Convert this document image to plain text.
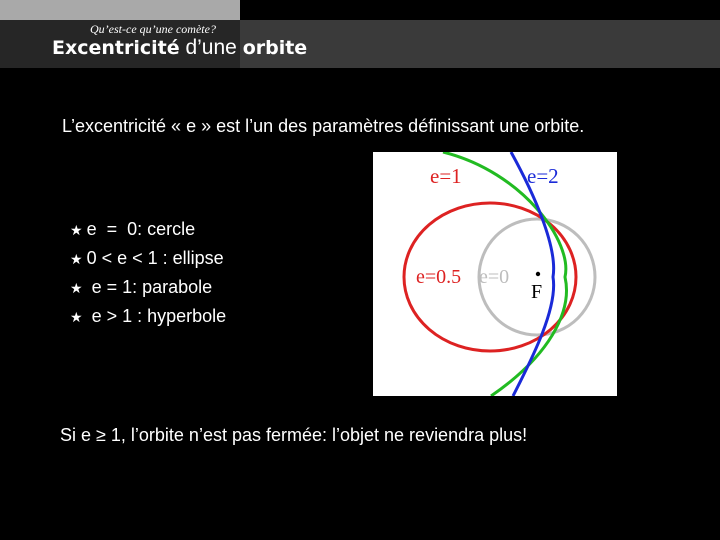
Qu’est-ce qu’une comète?
Excentricité d’une orbite
L’excentricité « e » est l’un des paramètres définissant une orbite.
★ e  =  0: cercle
★ 0 < e < 1 : ellipse
★ e = 1: parabole
★ e > 1 : hyperbole
e=1	e=2
e=0.5 e=0
F
Si e ≥ 1, l’orbite n’est pas fermée: l’objet ne reviendra plus!
